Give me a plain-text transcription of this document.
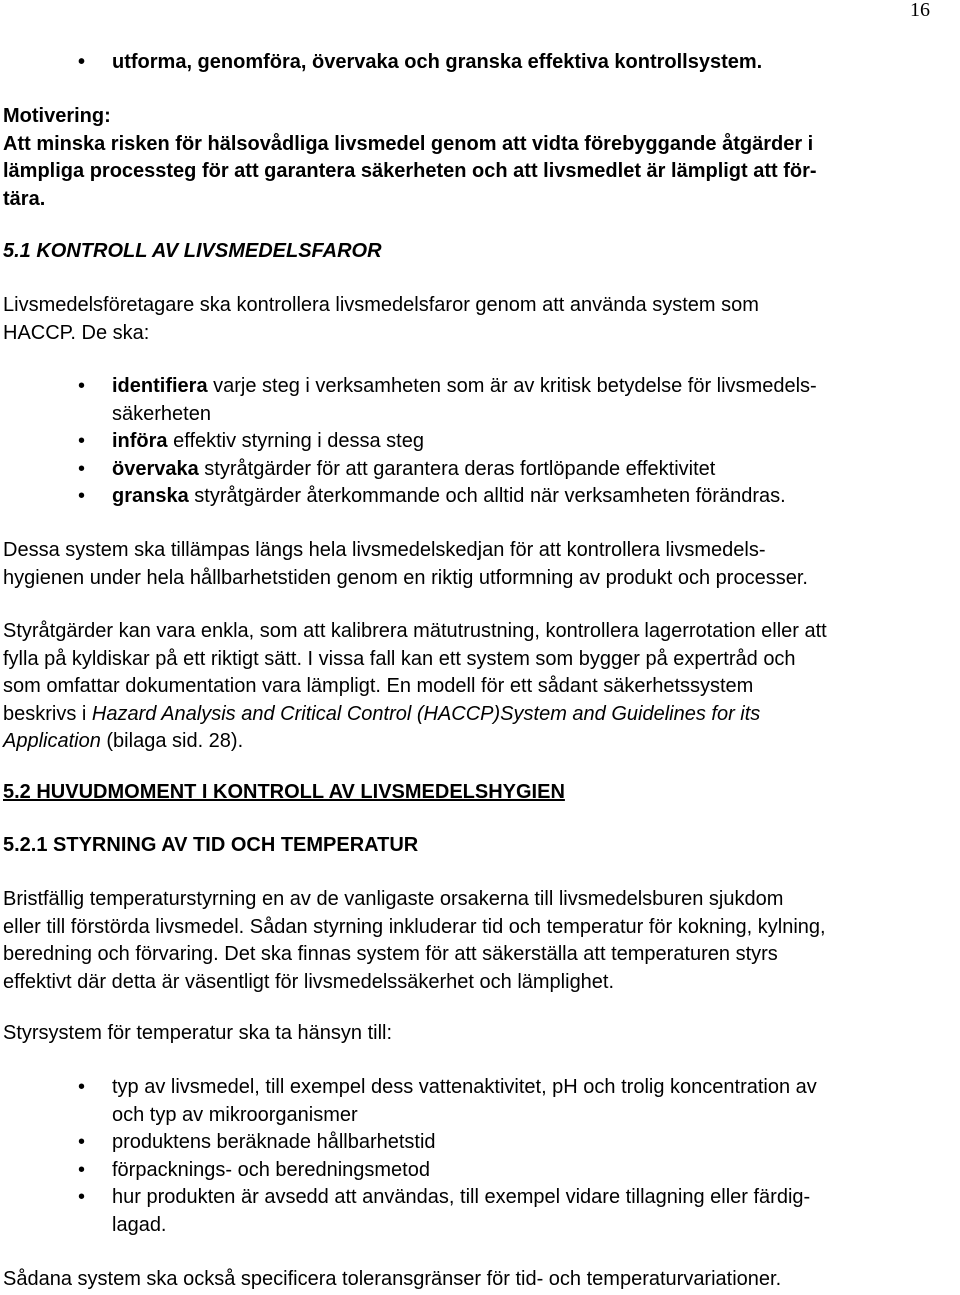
16
• utforma, genomföra, övervaka och granska effektiva kontrollsystem.
Motivering:
Att minska risken för hälsovådliga livsmedel genom att vidta förebyggande åtgärder i
lämpliga processteg för att garantera säkerheten och att livsmedlet är lämpligt att för-
tära.
5.1 KONTROLL AV LIVSMEDELSFAROR
Livsmedelsföretagare ska kontrollera livsmedelsfaror genom att använda system som
HACCP. De ska:
• identifiera varje steg i verksamheten som är av kritisk betydelse för livsmedels-
säkerheten
• införa effektiv styrning i dessa steg
• övervaka styråtgärder för att garantera deras fortlöpande effektivitet
• granska styråtgärder återkommande och alltid när verksamheten förändras.
Dessa system ska tillämpas längs hela livsmedelskedjan för att kontrollera livsmedels-
hygienen under hela hållbarhetstiden genom en riktig utformning av produkt och processer.
Styråtgärder kan vara enkla, som att kalibrera mätutrustning, kontrollera lagerrotation eller att
fylla på kyldiskar på ett riktigt sätt. I vissa fall kan ett system som bygger på expertråd och
som omfattar dokumentation vara lämpligt. En modell för ett sådant säkerhetssystem
beskrivs i Hazard Analysis and Critical Control (HACCP)System and Guidelines for its
Application (bilaga sid. 28).
5.2 HUVUDMOMENT I KONTROLL AV LIVSMEDELSHYGIEN
5.2.1 STYRNING AV TID OCH TEMPERATUR
Bristfällig temperaturstyrning en av de vanligaste orsakerna till livsmedelsburen sjukdom
eller till förstörda livsmedel. Sådan styrning inkluderar tid och temperatur för kokning, kylning,
beredning och förvaring. Det ska finnas system för att säkerställa att temperaturen styrs
effektivt där detta är väsentligt för livsmedelssäkerhet och lämplighet.
Styrsystem för temperatur ska ta hänsyn till:
• typ av livsmedel, till exempel dess vattenaktivitet, pH och trolig koncentration av
och typ av mikroorganismer
• produktens beräknade hållbarhetstid
• förpacknings- och beredningsmetod
• hur produkten är avsedd att användas, till exempel vidare tillagning eller färdig-
lagad.
Sådana system ska också specificera toleransgränser för tid- och temperaturvariationer.
